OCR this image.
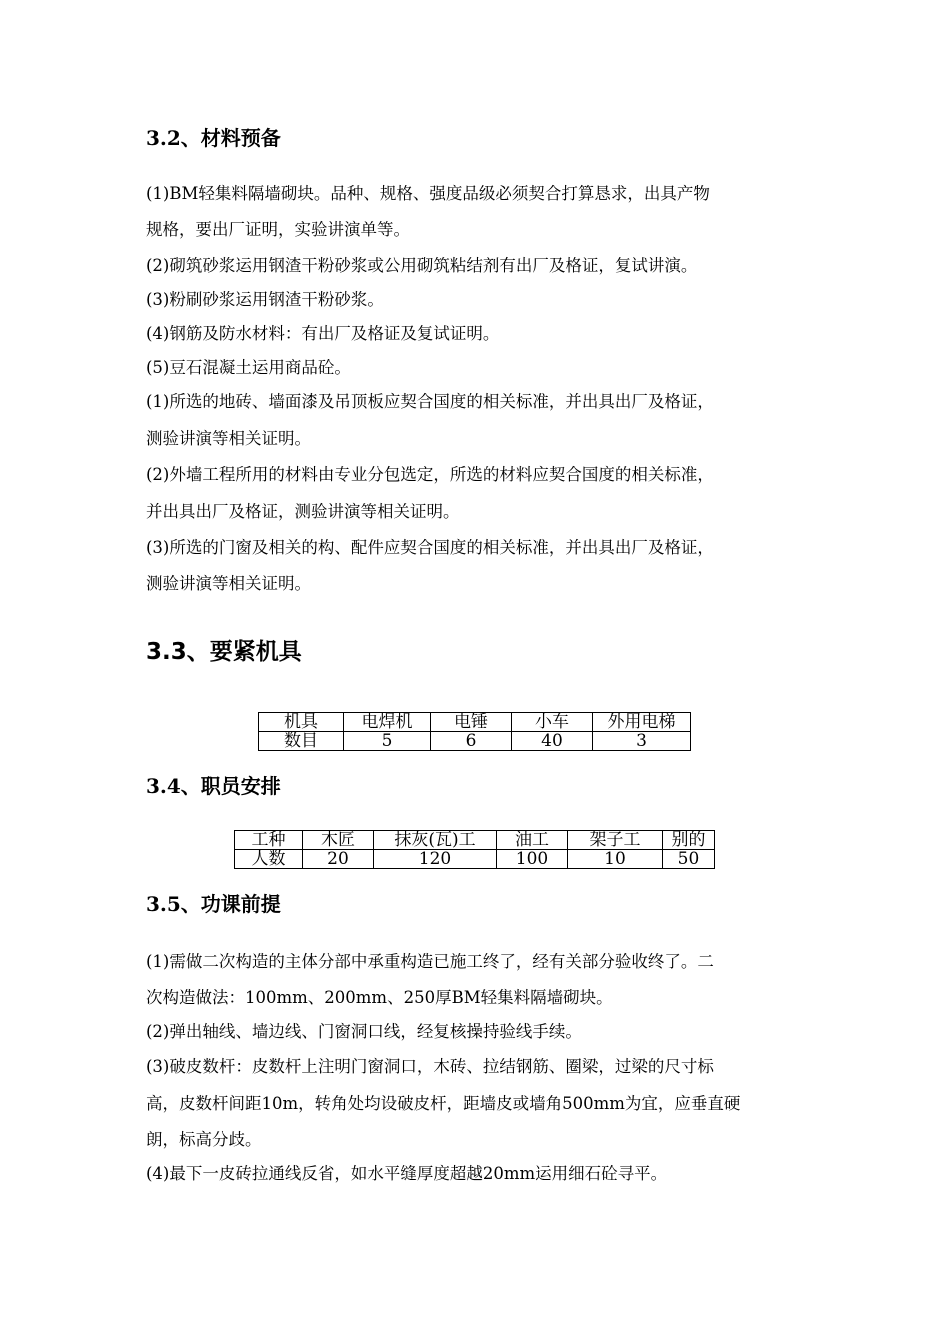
3.2、材料预备
(1)BM轻集料隔墙砌块。品种、规格、强度品级必须契合打算恳求，出具产物
规格，要出厂证明，实验讲演单等。
(2)砌筑砂浆运用钢渣干粉砂浆或公用砌筑粘结剂有出厂及格证，复试讲演。
(3)粉刷砂浆运用钢渣干粉砂浆。
(4)钢筋及防水材料：有出厂及格证及复试证明。
(5)豆石混凝土运用商品砼。
(1)所选的地砖、墙面漆及吊顶板应契合国度的相关标准，并出具出厂及格证，
测验讲演等相关证明。
(2)外墙工程所用的材料由专业分包选定，所选的材料应契合国度的相关标准，
并出具出厂及格证，测验讲演等相关证明。
(3)所选的门窗及相关的构、配件应契合国度的相关标准，并出具出厂及格证，
测验讲演等相关证明。
3.3、要紧机具
机具	电焊机	电锤	小车	外用电梯
数目	5	6	40	3
3.4、职员安排
工种	木匠	抹灰(瓦)工	油工	架子工	别的
人数	20	120	100	10	50
3.5、功课前提
(1)需做二次构造的主体分部中承重构造已施工终了，经有关部分验收终了。二
次构造做法：100mm、200mm、250厚BM轻集料隔墙砌块。
(2)弹出轴线、墙边线、门窗洞口线，经复核操持验线手续。
(3)破皮数杆：皮数杆上注明门窗洞口，木砖、拉结钢筋、圈梁，过梁的尺寸标
高，皮数杆间距10m，转角处均设破皮杆，距墙皮或墙角500mm为宜，应垂直硬
朗，标高分歧。
(4)最下一皮砖拉通线反省，如水平缝厚度超越20mm运用细石砼寻平。
